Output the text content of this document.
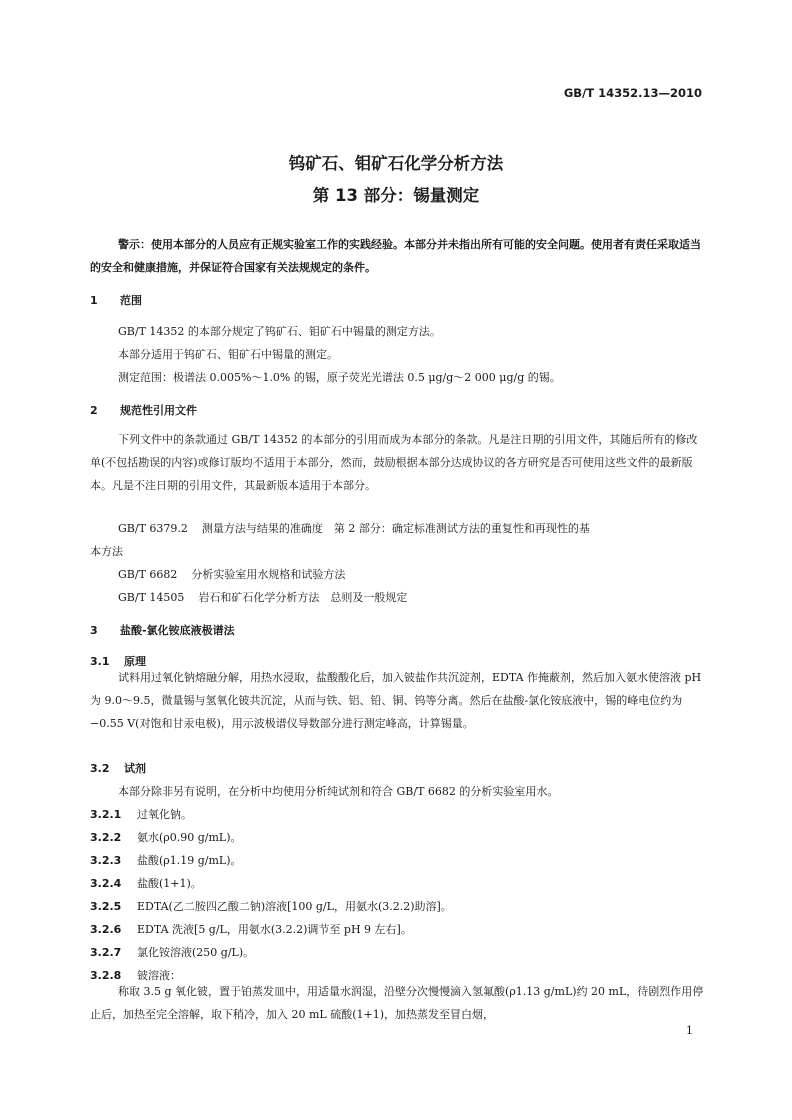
GB/T 14352.13—2010
钨矿石、钼矿石化学分析方法
第 13 部分：锡量测定
警示：使用本部分的人员应有正规实验室工作的实践经验。本部分并未指出所有可能的安全问题。使用者有责任采取适当的安全和健康措施，并保证符合国家有关法规规定的条件。
1 范围
GB/T 14352 的本部分规定了钨矿石、钼矿石中锡量的测定方法。
本部分适用于钨矿石、钼矿石中锡量的测定。
测定范围：极谱法 0.005%～1.0% 的锡，原子荧光光谱法 0.5 μg/g～2 000 μg/g 的锡。
2 规范性引用文件
下列文件中的条款通过 GB/T 14352 的本部分的引用而成为本部分的条款。凡是注日期的引用文件，其随后所有的修改单(不包括勘误的内容)或修订版均不适用于本部分，然而，鼓励根据本部分达成协议的各方研究是否可使用这些文件的最新版本。凡是不注日期的引用文件，其最新版本适用于本部分。
GB/T 6379.2 测量方法与结果的准确度　第 2 部分：确定标准测试方法的重复性和再现性的基
本方法
GB/T 6682 分析实验室用水规格和试验方法
GB/T 14505 岩石和矿石化学分析方法　总则及一般规定
3 盐酸-氯化铵底液极谱法
3.1 原理
试料用过氧化钠熔融分解，用热水浸取，盐酸酸化后，加入铍盐作共沉淀剂，EDTA 作掩蔽剂，然后加入氨水使溶液 pH 为 9.0～9.5，微量锡与氢氧化铍共沉淀，从而与铁、铝、铅、铜、钨等分离。然后在盐酸-氯化铵底液中，锡的峰电位约为 −0.55 V(对饱和甘汞电极)，用示波极谱仪导数部分进行测定峰高，计算锡量。
3.2 试剂
本部分除非另有说明，在分析中均使用分析纯试剂和符合 GB/T 6682 的分析实验室用水。
3.2.1 过氧化钠。
3.2.2 氨水(ρ0.90 g/mL)。
3.2.3 盐酸(ρ1.19 g/mL)。
3.2.4 盐酸(1+1)。
3.2.5 EDTA(乙二胺四乙酸二钠)溶液[100 g/L，用氨水(3.2.2)助溶]。
3.2.6 EDTA 洗液[5 g/L，用氨水(3.2.2)调节至 pH 9 左右]。
3.2.7 氯化铵溶液(250 g/L)。
3.2.8 铍溶液：
称取 3.5 g 氧化铍，置于铂蒸发皿中，用适量水润湿，沿壁分次慢慢滴入氢氟酸(ρ1.13 g/mL)约 20 mL，待剧烈作用停止后，加热至完全溶解，取下稍冷，加入 20 mL 硫酸(1+1)，加热蒸发至冒白烟，
1
